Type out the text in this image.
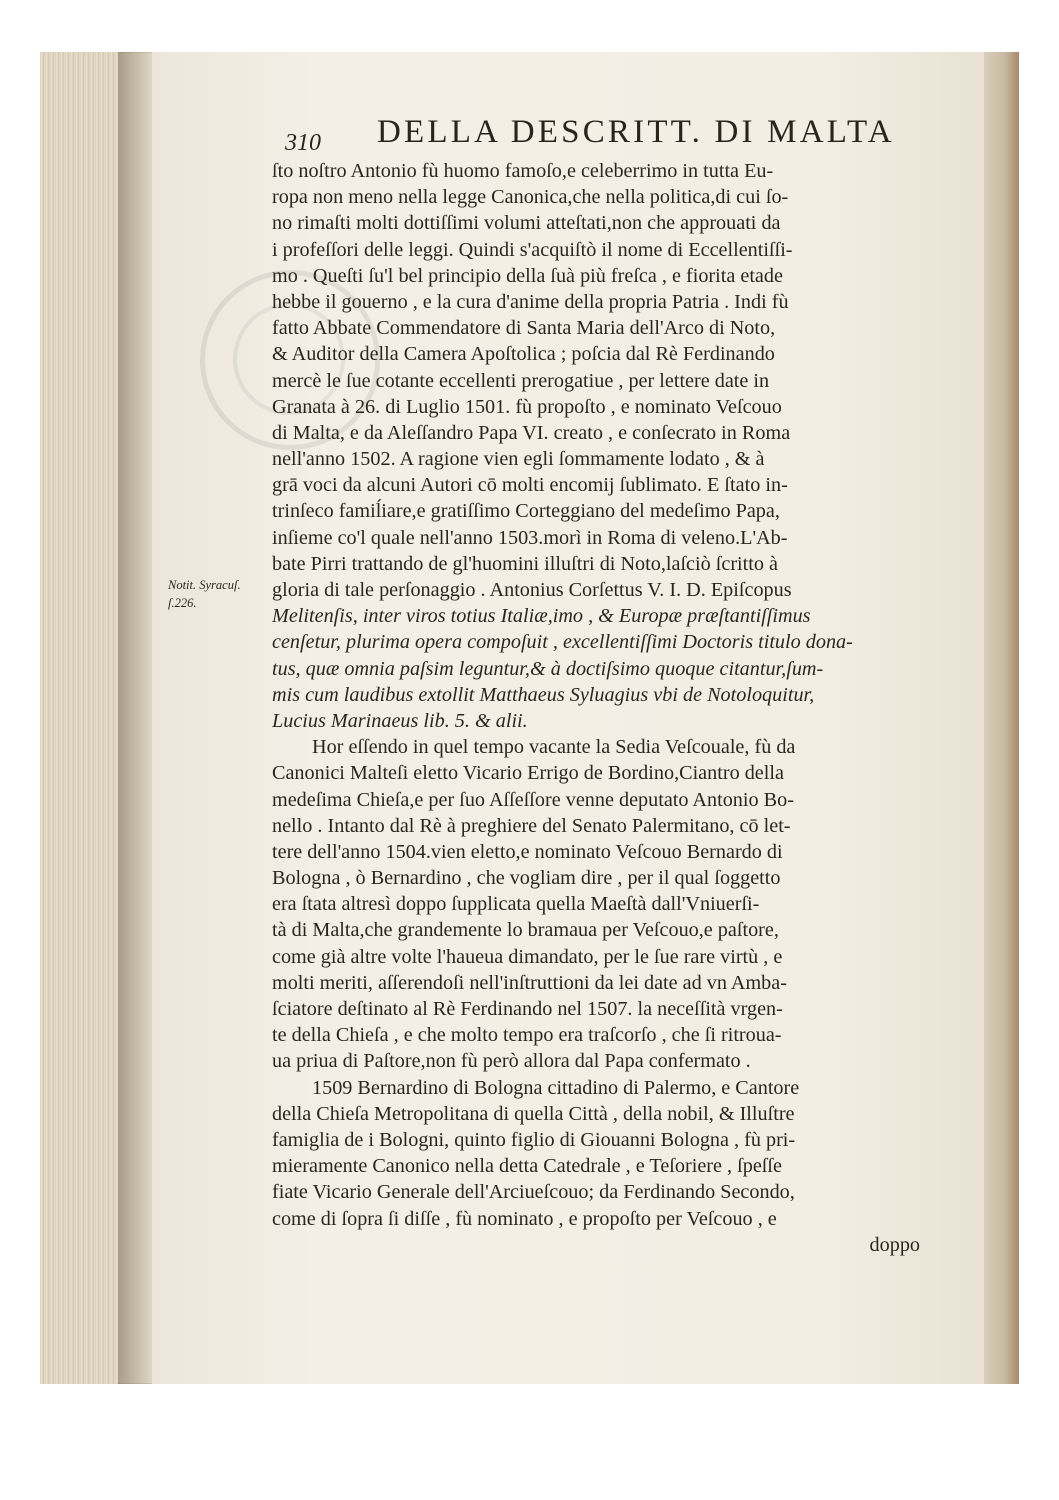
310 DELLA DESCRITT. DI MALTA
Notit. Syracuſ.
ſ.226.
ſto noſtro Antonio fù huomo famoſo,e celeberrimo in tutta Eu-
ropa non meno nella legge Canonica,che nella politica,di cui ſo-
no rimaſti molti dottiſſimi volumi atteſtati,non che approuati da
i profeſſori delle leggi. Quindi s'acquiſtò il nome di Eccellentiſſi-
mo . Queſti ſu'l bel principio della ſuà più freſca , e fiorita etade
hebbe il gouerno , e la cura d'anime della propria Patria . Indi fù
fatto Abbate Commendatore di Santa Maria dell'Arco di Noto,
& Auditor della Camera Apoſtolica ; poſcia dal Rè Ferdinando
mercè le ſue cotante eccellenti prerogatiue , per lettere date in
Granata à 26. di Luglio 1501. fù propoſto , e nominato Veſcouo
di Malta, e da Aleſſandro Papa VI. creato , e conſecrato in Roma
nell'anno 1502. A ragione vien egli ſommamente lodato , & à
grā voci da alcuni Autori cō molti encomij ſublimato. E ſtato in-
trinſeco famiĺiare,e gratiſſimo Corteggiano del medeſimo Papa,
inſieme co'l quale nell'anno 1503.morì in Roma di veleno.L'Ab-
bate Pirri trattando de gl'huomini illuſtri di Noto,laſciò ſcritto à
gloria di tale perſonaggio . Antonius Corſettus V. I. D. Epiſcopus
Melitenſis, inter viros totius Italiæ,imo , & Europæ præſtantiſſimus
cenſetur, plurima opera compoſuit , excellentiſſimi Doctoris titulo dona-
tus, quæ omnia paſsim leguntur,& à doctiſsimo quoque citantur,ſum-
mis cum laudibus extollit Matthaeus Syluagius vbi de Notoloquitur,
Lucius Marinaeus lib. 5. & alii.
Hor eſſendo in quel tempo vacante la Sedia Veſcouale, fù da
Canonici Malteſi eletto Vicario Errigo de Bordino,Ciantro della
medeſima Chieſa,e per ſuo Aſſeſſore venne deputato Antonio Bo-
nello . Intanto dal Rè à preghiere del Senato Palermitano, cō let-
tere dell'anno 1504.vien eletto,e nominato Veſcouo Bernardo di
Bologna , ò Bernardino , che vogliam dire , per il qual ſoggetto
era ſtata altresì doppo ſupplicata quella Maeſtà dall'Vniuerſi-
tà di Malta,che grandemente lo bramaua per Veſcouo,e paſtore,
come già altre volte l'haueua dimandato, per le ſue rare virtù , e
molti meriti, aſſerendoſi nell'inſtruttioni da lei date ad vn Amba-
ſciatore deſtinato al Rè Ferdinando nel 1507. la neceſſità vrgen-
te della Chieſa , e che molto tempo era traſcorſo , che ſi ritroua-
ua priua di Paſtore,non fù però allora dal Papa confermato .
1509 Bernardino di Bologna cittadino di Palermo, e Cantore
della Chieſa Metropolitana di quella Città , della nobil, & Illuſtre
famiglia de i Bologni, quinto figlio di Giouanni Bologna , fù pri-
mieramente Canonico nella detta Catedrale , e Teſoriere , ſpeſſe
fiate Vicario Generale dell'Arciueſcouo; da Ferdinando Secondo,
come di ſopra ſi diſſe , fù nominato , e propoſto per Veſcouo , e
doppo
